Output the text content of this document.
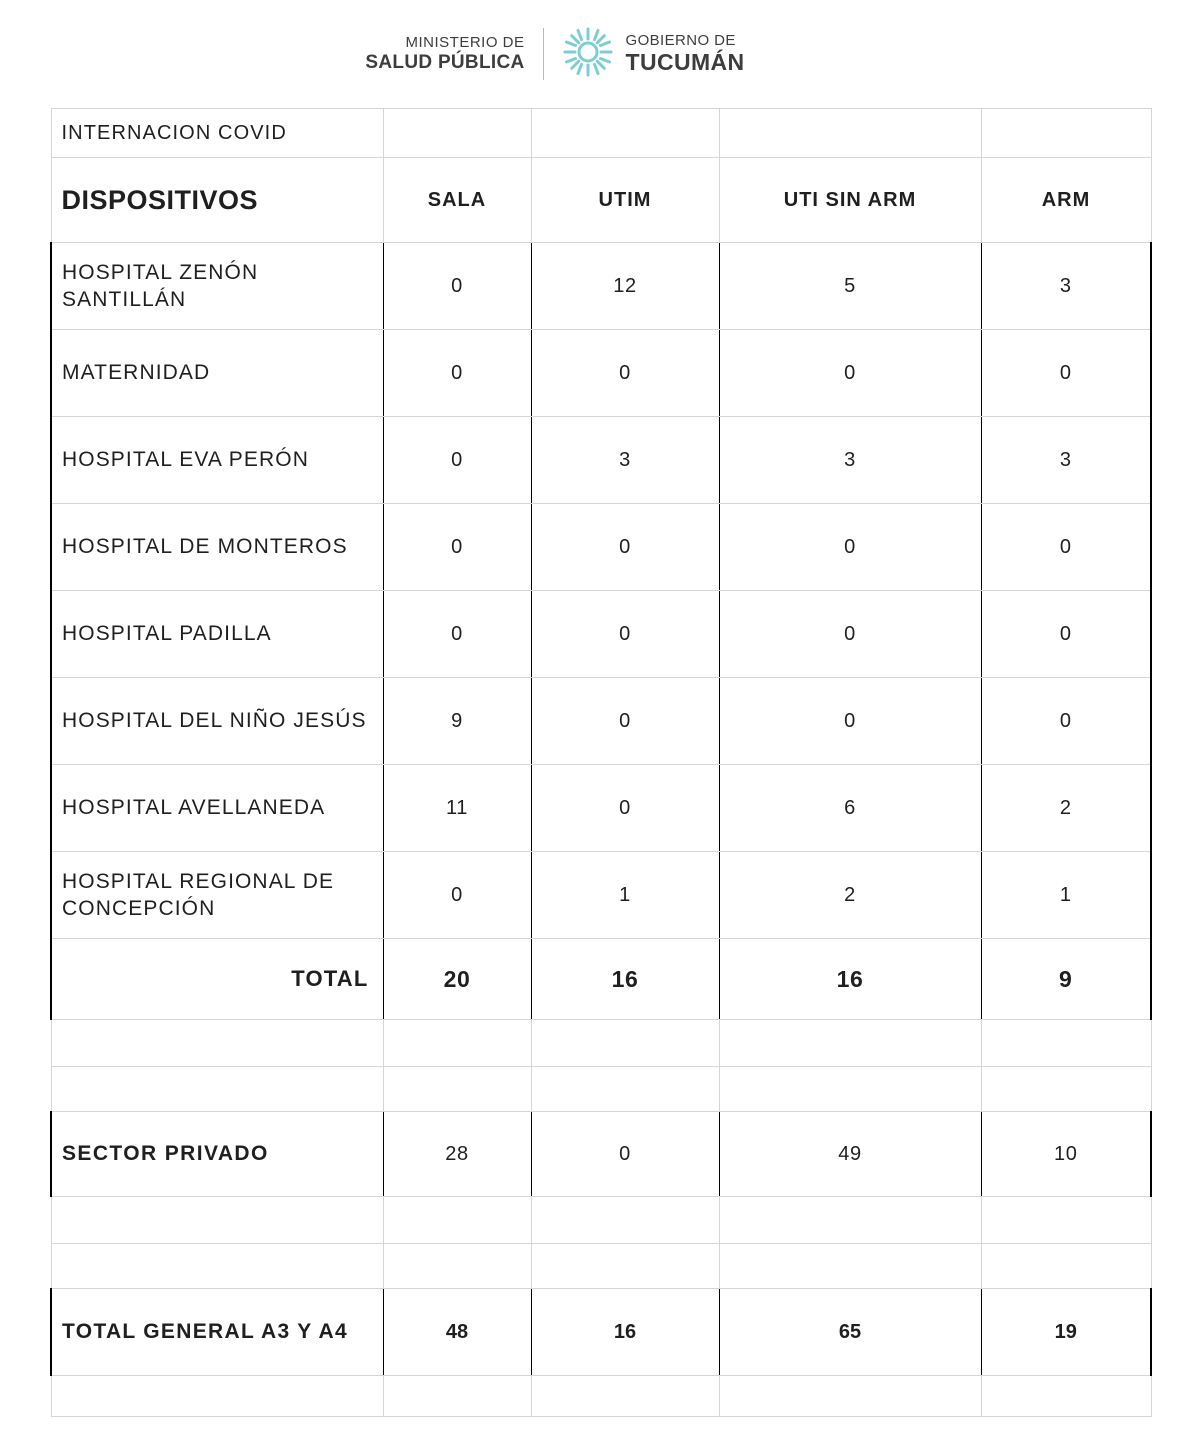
MINISTERIO DE
SALUD PÚBLICA
GOBIERNO DE
TUCUMÁN
INTERNACION COVID				
DISPOSITIVOS	SALA	UTIM	UTI SIN ARM	ARM
HOSPITAL ZENÓN SANTILLÁN	0	12	5	3
MATERNIDAD	0	0	0	0
HOSPITAL EVA PERÓN	0	3	3	3
HOSPITAL DE MONTEROS	0	0	0	0
HOSPITAL PADILLA	0	0	0	0
HOSPITAL DEL NIÑO JESÚS	9	0	0	0
HOSPITAL AVELLANEDA	11	0	6	2
HOSPITAL REGIONAL DE CONCEPCIÓN	0	1	2	1
TOTAL	20	16	16	9

SECTOR PRIVADO	28	0	49	10

TOTAL GENERAL A3 Y A4	48	16	65	19
